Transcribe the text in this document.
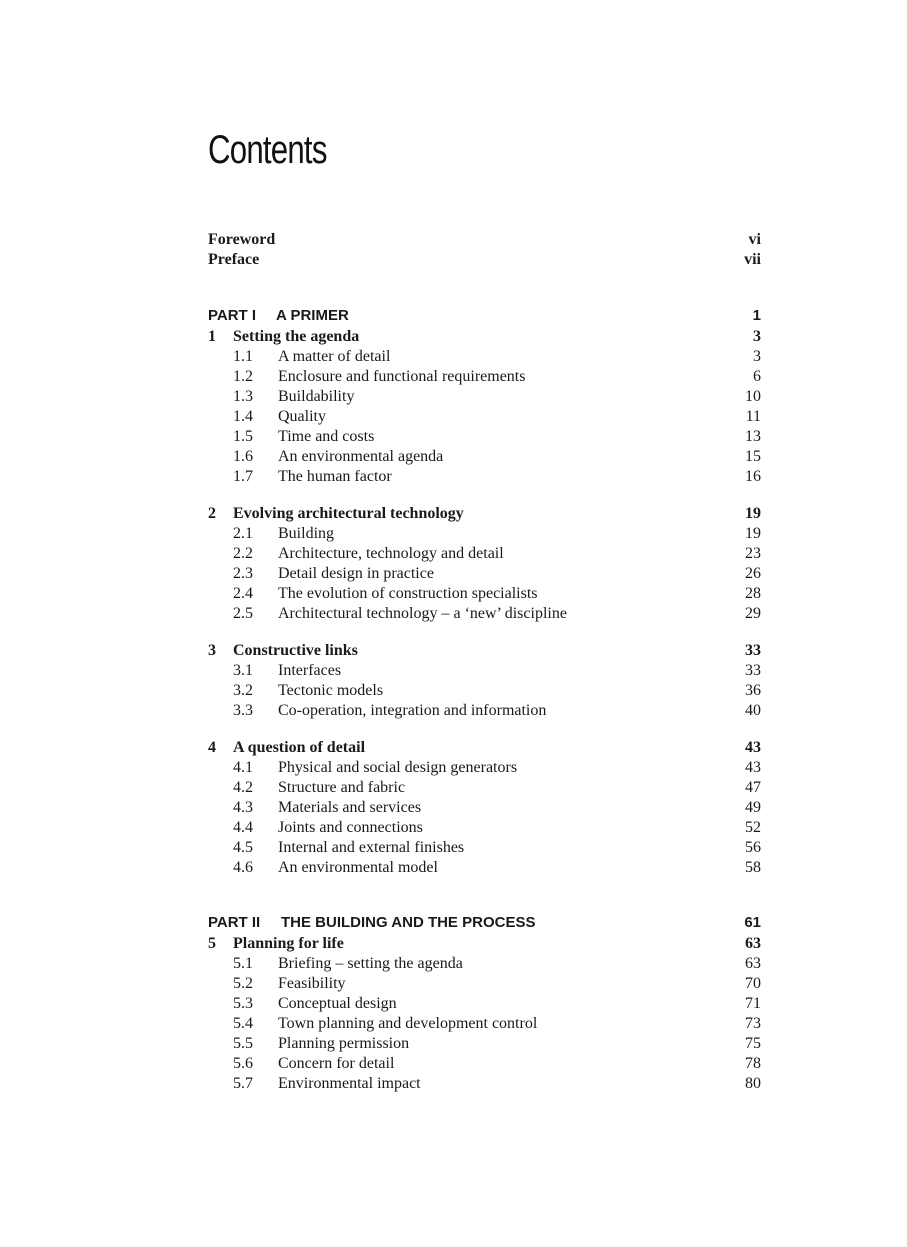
Contents
Foreword	vi
Preface	vii
PART I A PRIMER	1
1 Setting the agenda	3
1.1 A matter of detail	3
1.2 Enclosure and functional requirements	6
1.3 Buildability	10
1.4 Quality	11
1.5 Time and costs	13
1.6 An environmental agenda	15
1.7 The human factor	16
2 Evolving architectural technology	19
2.1 Building	19
2.2 Architecture, technology and detail	23
2.3 Detail design in practice	26
2.4 The evolution of construction specialists	28
2.5 Architectural technology – a ‘new’ discipline	29
3 Constructive links	33
3.1 Interfaces	33
3.2 Tectonic models	36
3.3 Co-operation, integration and information	40
4 A question of detail	43
4.1 Physical and social design generators	43
4.2 Structure and fabric	47
4.3 Materials and services	49
4.4 Joints and connections	52
4.5 Internal and external finishes	56
4.6 An environmental model	58
PART II THE BUILDING AND THE PROCESS	61
5 Planning for life	63
5.1 Briefing – setting the agenda	63
5.2 Feasibility	70
5.3 Conceptual design	71
5.4 Town planning and development control	73
5.5 Planning permission	75
5.6 Concern for detail	78
5.7 Environmental impact	80
